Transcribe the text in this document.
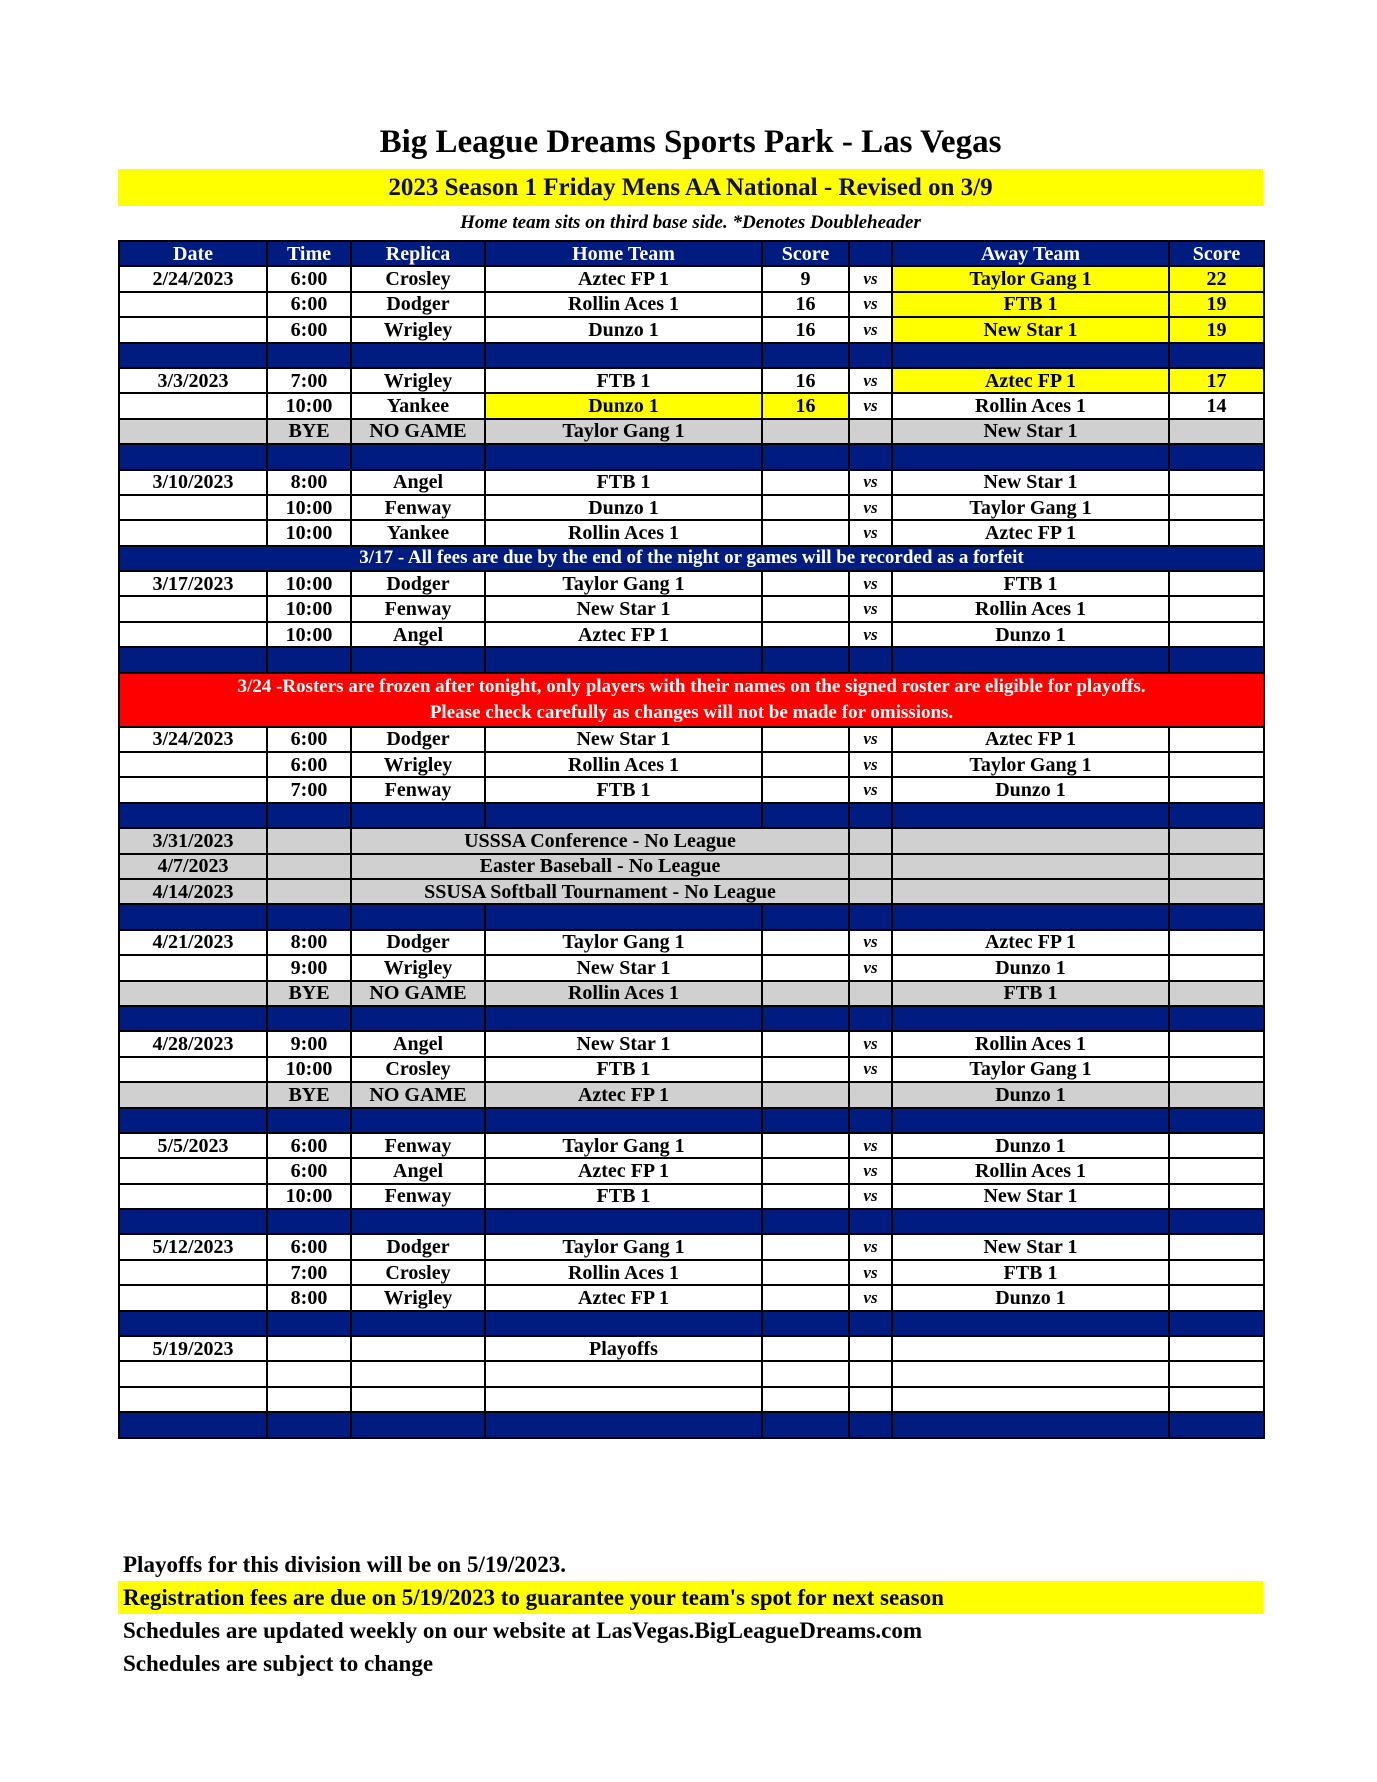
Big League Dreams Sports Park - Las Vegas
2023 Season 1 Friday Mens AA National - Revised on 3/9
Home team sits on third base side. *Denotes Doubleheader
Date	Time	Replica	Home Team	Score		Away Team	Score
2/24/2023	6:00	Crosley	Aztec FP 1	9	vs	Taylor Gang 1	22
	6:00	Dodger	Rollin Aces 1	16	vs	FTB 1	19
	6:00	Wrigley	Dunzo 1	16	vs	New Star 1	19

3/3/2023	7:00	Wrigley	FTB 1	16	vs	Aztec FP 1	17
	10:00	Yankee	Dunzo 1	16	vs	Rollin Aces 1	14
	BYE	NO GAME	Taylor Gang 1			New Star 1	

3/10/2023	8:00	Angel	FTB 1		vs	New Star 1	
	10:00	Fenway	Dunzo 1		vs	Taylor Gang 1	
	10:00	Yankee	Rollin Aces 1		vs	Aztec FP 1	
3/17 - All fees are due by the end of the night or games will be recorded as a forfeit							
3/17/2023	10:00	Dodger	Taylor Gang 1		vs	FTB 1	
	10:00	Fenway	New Star 1		vs	Rollin Aces 1	
	10:00	Angel	Aztec FP 1		vs	Dunzo 1	

3/24 -Rosters are frozen after tonight, only players with their names on the signed roster are eligible for playoffs.
Please check carefully as changes will not be made for omissions.							

3/24/2023	6:00	Dodger	New Star 1		vs	Aztec FP 1	
	6:00	Wrigley	Rollin Aces 1		vs	Taylor Gang 1	
	7:00	Fenway	FTB 1		vs	Dunzo 1	

3/31/2023		USSSA Conference - No League					
4/7/2023		Easter Baseball - No League					
4/14/2023		SSUSA Softball Tournament - No League					

4/21/2023	8:00	Dodger	Taylor Gang 1		vs	Aztec FP 1	
	9:00	Wrigley	New Star 1		vs	Dunzo 1	
	BYE	NO GAME	Rollin Aces 1			FTB 1	

4/28/2023	9:00	Angel	New Star 1		vs	Rollin Aces 1	
	10:00	Crosley	FTB 1		vs	Taylor Gang 1	
	BYE	NO GAME	Aztec FP 1			Dunzo 1	

5/5/2023	6:00	Fenway	Taylor Gang 1		vs	Dunzo 1	
	6:00	Angel	Aztec FP 1		vs	Rollin Aces 1	
	10:00	Fenway	FTB 1		vs	New Star 1	

5/12/2023	6:00	Dodger	Taylor Gang 1		vs	New Star 1	
	7:00	Crosley	Rollin Aces 1		vs	FTB 1	
	8:00	Wrigley	Aztec FP 1		vs	Dunzo 1	

5/19/2023			Playoffs				

Playoffs for this division will be on 5/19/2023.
Registration fees are due on 5/19/2023 to guarantee your team's spot for next season
Schedules are updated weekly on our website at LasVegas.BigLeagueDreams.com
Schedules are subject to change
